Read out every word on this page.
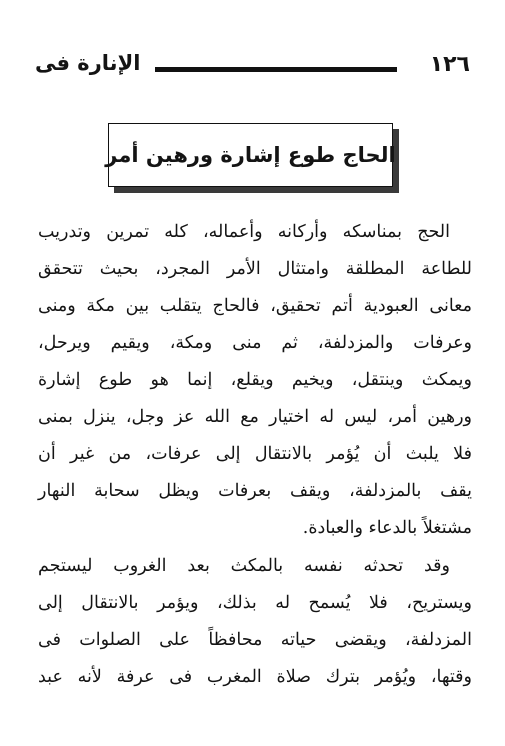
١٢٦
الإنارة فى
الحاج طوع إشارة ورهين أمر
الحج بمناسكه وأركانه وأعماله، كله تمرين وتدريب
للطاعة المطلقة وامتثال الأمر المجرد، بحيث تتحقق
معانى العبودية أتم تحقيق، فالحاج يتقلب بين مكة ومنى
وعرفات والمزدلفة، ثم منى ومكة، ويقيم ويرحل،
ويمكث وينتقل، ويخيم ويقلع، إنما هو طوع إشارة
ورهين أمر، ليس له اختيار مع الله عز وجل، ينزل بمنى
فلا يلبث أن يُؤمر بالانتقال إلى عرفات، من غير أن
يقف بالمزدلفة، ويقف بعرفات ويظل سحابة النهار
مشتغلاً بالدعاء والعبادة.
وقد تحدثه نفسه بالمكث بعد الغروب ليستجم
ويستريح، فلا يُسمح له بذلك، ويؤمر بالانتقال إلى
المزدلفة، ويقضى حياته محافظاً على الصلوات فى
وقتها، ويُؤمر بترك صلاة المغرب فى عرفة لأنه عبد
